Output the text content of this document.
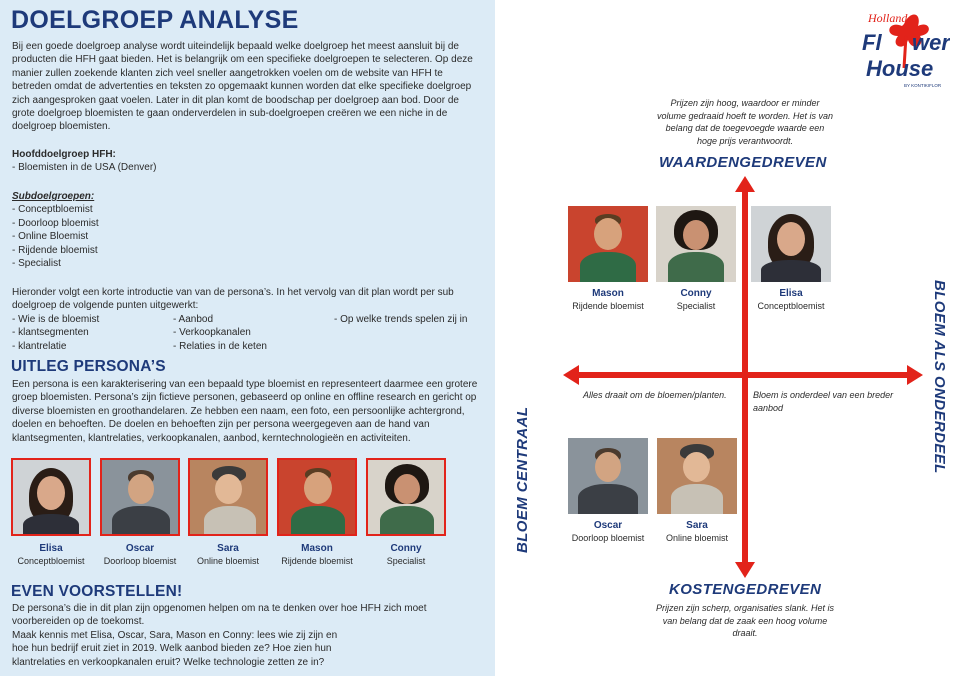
DOELGROEP ANALYSE
Bij een goede doelgroep analyse wordt uiteindelijk bepaald welke doelgroep het meest aansluit bij de producten die HFH gaat bieden. Het is belangrijk om een specifieke doelgroepen te selecteren. Op deze manier zullen zoekende klanten zich veel sneller aangetrokken voelen om de website van HFH te betreden omdat de advertenties en teksten zo opgemaakt kunnen worden dat elke specifieke doelgroep zich aangesproken gaat voelen. Later in dit plan komt de boodschap per doelgroep aan bod. Door de grote doelgroep bloemisten te gaan onderverdelen in sub-doelgroepen creëren we een niche in de doelgroep bloemisten.
Hoofddoelgroep HFH:
- Bloemisten in de USA (Denver)
Subdoelgroepen:
- Conceptbloemist
- Doorloop bloemist
- Online Bloemist
- Rijdende bloemist
- Specialist
Hieronder volgt een korte introductie van van de persona’s. In het vervolg van dit plan wordt per sub doelgroep de volgende punten uitgewerkt:
- Wie is de bloemist
- klantsegmenten
- klantrelatie
- Aanbod
- Verkoopkanalen
- Relaties in de keten
- Op welke trends spelen zij in
UITLEG PERSONA’S
Een persona is een karakterisering van een bepaald type bloemist en representeert daarmee een grotere groep bloemisten. Persona’s zijn fictieve personen, gebaseerd op online en offline research en gericht op diverse bloemisten en groothandelaren. Ze hebben een naam, een foto, een persoonlijke achtergrond, doelen en behoeften. De doelen en behoeften zijn per persona weergegeven aan de hand van klantsegmenten, klantrelaties, verkoopkanalen, aanbod, kerntechnologieën en activiteiten.
Elisa
Conceptbloemist
Oscar
Doorloop bloemist
Sara
Online bloemist
Mason
Rijdende bloemist
Conny
Specialist
EVEN VOORSTELLEN!
De persona’s die in dit plan zijn opgenomen helpen om na te denken over hoe HFH zich moet voorbereiden op de toekomst.
Maak kennis met Elisa, Oscar, Sara, Mason en Conny: lees wie zij zijn en hoe hun bedrijf eruit ziet in 2019. Welk aanbod bieden ze? Hoe zien hun klantrelaties en verkoopkanalen eruit? Welke technologie zetten ze in?
Holland
Fl wer
House
BY KONTIKIFLOR
Prijzen zijn hoog, waardoor er minder volume gedraaid hoeft te worden. Het is van belang dat de toegevoegde waarde een hoge prijs verantwoordt.
WAARDENGEDREVEN
Mason
Rijdende bloemist
Conny
Specialist
Elisa
Conceptbloemist
Alles draait om de bloemen/planten.	Bloem is onderdeel van een breder aanbod
Oscar
Doorloop bloemist
Sara
Online bloemist
KOSTENGEDREVEN
Prijzen zijn scherp, organisaties slank. Het is van belang dat de zaak een hoog volume draait.
BLOEM CENTRAAL
BLOEM ALS ONDERDEEL
